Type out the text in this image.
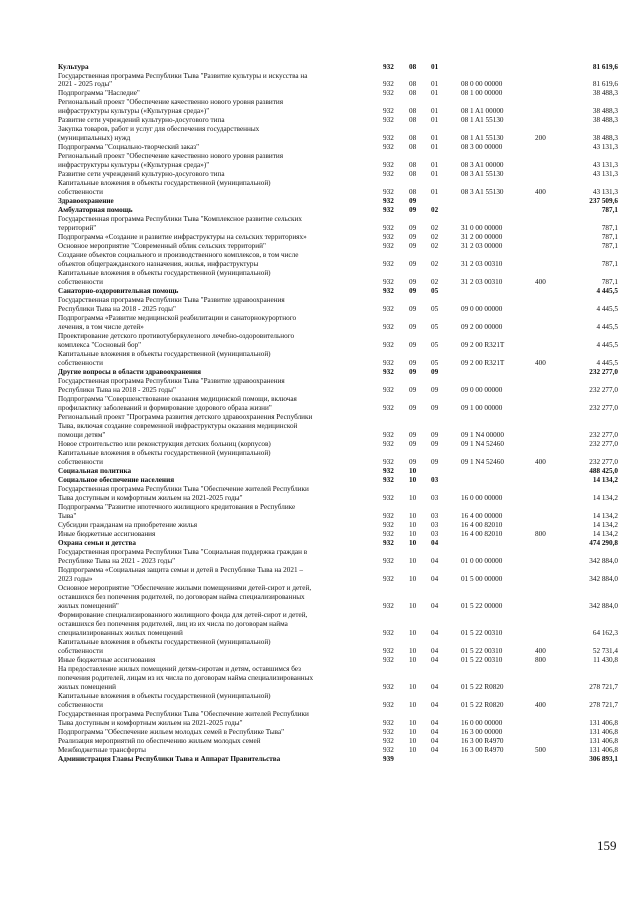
Культура	932 08 01	81 619,6
Государственная программа Республики Тыва "Развитие культуры и искусства на
2021 - 2025 годы"	932 08 01	08 0 00 00000	81 619,6
Подпрограмма "Наследие"	932 08 01	08 1 00 00000	38 488,3
Региональный проект "Обеспечение качественно нового уровня развития
инфраструктуры культуры («Культурная среда»)"	932 08 01	08 1 A1 00000	38 488,3
Развитие сети учреждений культурно-досугового типа	932 08 01	08 1 A1 55130	38 488,3
Закупка товаров, работ и услуг для обеспечения государственных
(муниципальных) нужд	932 08 01	08 1 A1 55130	200	38 488,3
Подпрограмма "Социально-творческий заказ"	932 08 01	08 3 00 00000	43 131,3
Региональный проект "Обеспечение качественно нового уровня развития
инфраструктуры культуры («Культурная среда»)"	932 08 01	08 3 A1 00000	43 131,3
Развитие сети учреждений культурно-досугового типа	932 08 01	08 3 A1 55130	43 131,3
Капитальные вложения в объекты государственной (муниципальной)
собственности	932 08 01	08 3 A1 55130	400	43 131,3
Здравоохранение	932 09	237 509,6
Амбулаторная помощь	932 09 02	787,1
Государственная программа Республики Тыва "Комплексное развитие сельских
территорий"	932 09 02	31 0 00 00000	787,1
Подпрограмма «Создание и развитие инфраструктуры на сельских территориях»	932 09 02	31 2 00 00000	787,1
Основное мероприятие "Современный облик сельских территорий"	932 09 02	31 2 03 00000	787,1
Создание объектов социального и производственного комплексов, в том числе
объектов общегражданского назначения, жилья, инфраструктуры	932 09 02	31 2 03 00310	787,1
Капитальные вложения в объекты государственной (муниципальной)
собственности	932 09 02	31 2 03 00310	400	787,1
Санаторно-оздоровительная помощь	932 09 05	4 445,5
Государственная программа Республики Тыва "Развитие здравоохранения
Республики Тыва на 2018 - 2025 годы"	932 09 05	09 0 00 00000	4 445,5
Подпрограмма «Развитие медицинской реабилитации и санаторнокурортного
лечения, в том числе детей»	932 09 05	09 2 00 00000	4 445,5
Проектирование детского противотуберкулезного лечебно-оздоровительного
комплекса "Сосновый бор"	932 09 05	09 2 00 R321T	4 445,5
Капитальные вложения в объекты государственной (муниципальной)
собственности	932 09 05	09 2 00 R321T	400	4 445,5
Другие вопросы в области здравоохранения	932 09 09	232 277,0
Государственная программа Республики Тыва "Развитие здравоохранения
Республики Тыва на 2018 - 2025 годы"	932 09 09	09 0 00 00000	232 277,0
Подпрограмма "Совершенствование оказания медицинской помощи, включая
профилактику заболеваний и формирование здорового образа жизни"	932 09 09	09 1 00 00000	232 277,0
Региональный проект "Программа развития детского здравоохранения Республики
Тыва, включая создание современной инфраструктуры оказания медицинской
помощи детям"	932 09 09	09 1 N4 00000	232 277,0
Новое строительство или реконструкция детских больниц (корпусов)	932 09 09	09 1 N4 52460	232 277,0
Капитальные вложения в объекты государственной (муниципальной)
собственности	932 09 09	09 1 N4 52460	400	232 277,0
Социальная политика	932 10	488 425,0
Социальное обеспечение населения	932 10 03	14 134,2
Государственная программа Республики Тыва "Обеспечение жителей Республики
Тыва доступным и комфортным жильем на 2021-2025 годы"	932 10 03	16 0 00 00000	14 134,2
Подпрограмма "Развитие ипотечного жилищного кредитования в Республике
Тыва"	932 10 03	16 4 00 00000	14 134,2
Субсидии гражданам на приобретение жилья	932 10 03	16 4 00 82010	14 134,2
Иные бюджетные ассигнования	932 10 03	16 4 00 82010	800	14 134,2
Охрана семьи и детства	932 10 04	474 290,8
Государственная программа Республики Тыва "Социальная поддержка граждан в
Республике Тыва на 2021 - 2023 годы"	932 10 04	01 0 00 00000	342 884,0
Подпрограмма «Социальная защита семьи и детей в Республике Тыва на 2021 –
2023 годы»	932 10 04	01 5 00 00000	342 884,0
Основное мероприятие "Обеспечение жилыми помещениями детей-сирот и детей,
оставшихся без попечения родителей, по договорам найма специализированных
жилых помещений"	932 10 04	01 5 22 00000	342 884,0
Формирование специализированного жилищного фонда для детей-сирот и детей,
оставшихся без попечения родителей, лиц из их числа по договорам найма
специализированных жилых помещений	932 10 04	01 5 22 00310	64 162,3
Капитальные вложения в объекты государственной (муниципальной)
собственности	932 10 04	01 5 22 00310	400	52 731,4
Иные бюджетные ассигнования	932 10 04	01 5 22 00310	800	11 430,8
На предоставление жилых помещений детям-сиротам и детям, оставшимся без
попечения родителей, лицам из их числа по договорам найма специализированных
жилых помещений	932 10 04	01 5 22 R0820	278 721,7
Капитальные вложения в объекты государственной (муниципальной)
собственности	932 10 04	01 5 22 R0820	400	278 721,7
Государственная программа Республики Тыва "Обеспечение жителей Республики
Тыва доступным и комфортным жильем на 2021-2025 годы"	932 10 04	16 0 00 00000	131 406,8
Подпрограмма "Обеспечение жильем молодых семей в Республике Тыва"	932 10 04	16 3 00 00000	131 406,8
Реализация мероприятий по обеспечению жильем молодых семей	932 10 04	16 3 00 R4970	131 406,8
Межбюджетные трансферты	932 10 04	16 3 00 R4970	500	131 406,8
Администрация Главы Республики Тыва и Аппарат Правительства	939	306 893,1
159
